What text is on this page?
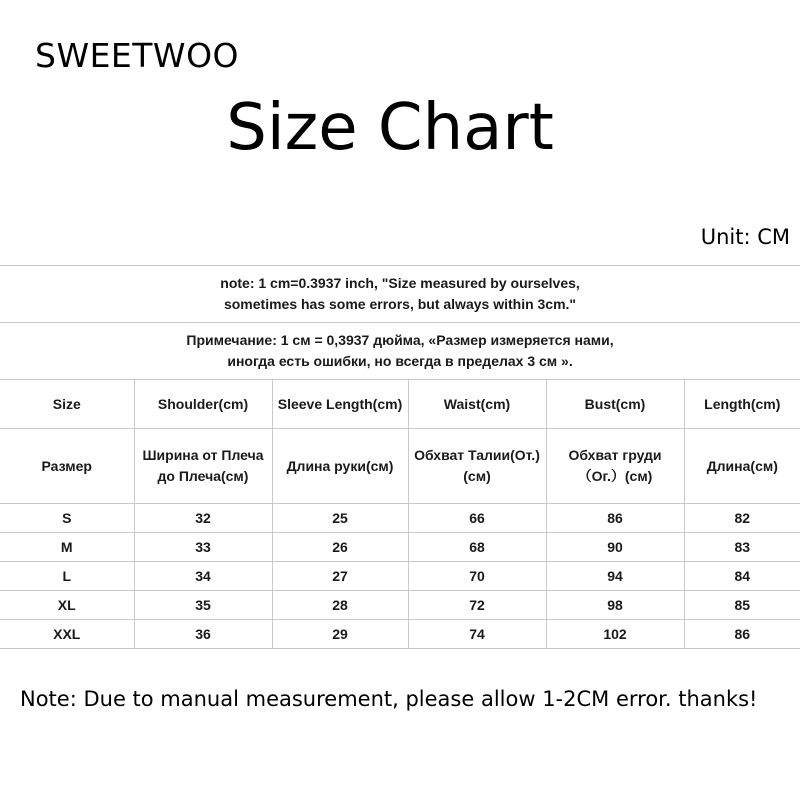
SWEETWOO
Size Chart
Unit: CM
note: 1 cm=0.3937 inch, "Size measured by ourselves,
sometimes has some errors, but always within 3cm."					

Примечание: 1 см = 0,3937 дюйма, «Размер измеряется нами,
иногда есть ошибки, но всегда в пределах 3 см ».					

Size	Shoulder(cm)	Sleeve Length(cm)	Waist(cm)	Bust(cm)	Length(cm)
Размер	Ширина от Плеча до Плеча(см)	Длина руки(см)	Обхват Талии(От.)(см)	Обхват груди （Ог.）(см)	Длина(см)
S	32	25	66	86	82
M	33	26	68	90	83
L	34	27	70	94	84
XL	35	28	72	98	85
XXL	36	29	74	102	86
Note: Due to manual measurement, please allow 1-2CM error. thanks!
